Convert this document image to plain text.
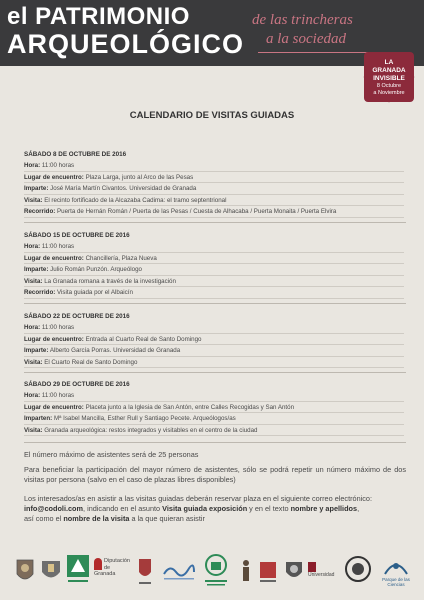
el PATRIMONIO
ARQUEOLÓGICO
de las trincheras
a la sociedad
LA
GRANADA
INVISIBLE
8 Octubre
a Noviembre
CALENDARIO DE VISITAS GUIADAS
SÁBADO 8 DE OCTUBRE DE 2016
Hora: 11:00 horas
Lugar de encuentro: Plaza Larga, junto al Arco de las Pesas
Imparte: José María Martín Civantos. Universidad de Granada
Visita: El recinto fortificado de la Alcazaba Cadima: el tramo septentrional
Recorrido: Puerta de Hernán Román / Puerta de las Pesas / Cuesta de Alhacaba / Puerta Monaita / Puerta Elvira
SÁBADO 15 DE OCTUBRE DE 2016
Hora: 11:00 horas
Lugar de encuentro: Chancillería, Plaza Nueva
Imparte: Julio Román Punzón. Arqueólogo
Visita: La Granada romana a través de la investigación
Recorrido: Visita guiada por el Albaicín
SÁBADO 22 DE OCTUBRE DE 2016
Hora: 11:00 horas
Lugar de encuentro: Entrada al Cuarto Real de Santo Domingo
Imparte: Alberto García Porras. Universidad de Granada
Visita: El Cuarto Real de Santo Domingo
SÁBADO 29 DE OCTUBRE DE 2016
Hora: 11:00 horas
Lugar de encuentro: Placeta junto a la Iglesia de San Antón, entre Calles Recogidas y San Antón
Imparten: Mª Isabel Mancilla, Esther Rull y Santiago Pecete. Arqueólogos/as
Visita: Granada arqueológica: restos integrados y visitables en el centro de la ciudad
El número máximo de asistentes será de 25 personas
Para beneficiar la participación del mayor número de asistentes, sólo se podrá repetir un número máximo de dos visitas por persona (salvo en el caso de plazas libres disponibles)
Los interesados/as en asistir a las visitas guiadas deberán reservar plaza en el siguiente correo electrónico:
info@codoli.com, indicando en el asunto Visita guiada exposición y en el texto nombre y apellidos,
así como el nombre de la visita a la que quieran asistir
Diputación
de Granada	Universidad
Parque de las Ciencias
